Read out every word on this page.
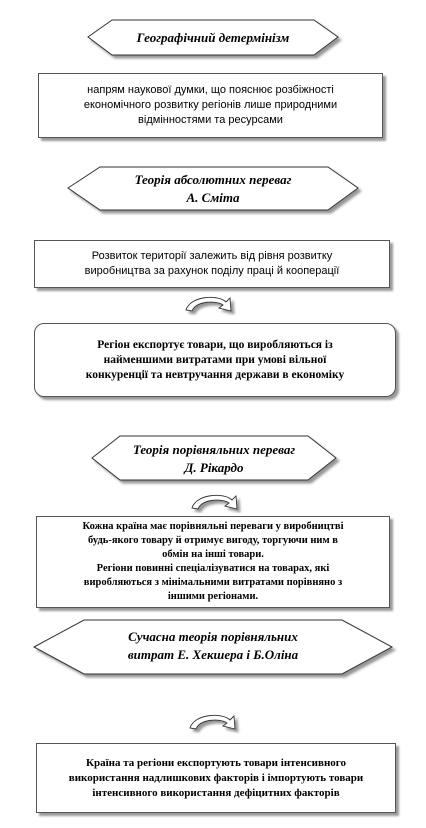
Географічний детермінізм
Теорія абсолютних переваг
А. Сміта
Теорія порівняльних переваг
Д. Рікардо
Сучасна теорія порівняльних
витрат Е. Хекшера і Б.Оліна
напрям наукової думки, що пояснює розбіжності
економічного розвитку регіонів лише природними
відмінностями та ресурсами
Розвиток території залежить від рівня розвитку
виробництва за рахунок поділу праці й кооперації
Регіон експортує товари, що виробляються із
найменшими витратами при умові вільної
конкуренції та невтручання держави в економіку
Кожна країна має порівняльні переваги у виробництві
будь-якого товару й отримує вигоду, торгуючи ним в
обмін на інші товари.
Регіони повинні спеціалізуватися на товарах, які
виробляються з мінімальними витратами порівняно з
іншими регіонами.
Країна та регіони експортують товари інтенсивного
використання надлишкових факторів і імпортують товари
інтенсивного використання дефіцитних факторів
